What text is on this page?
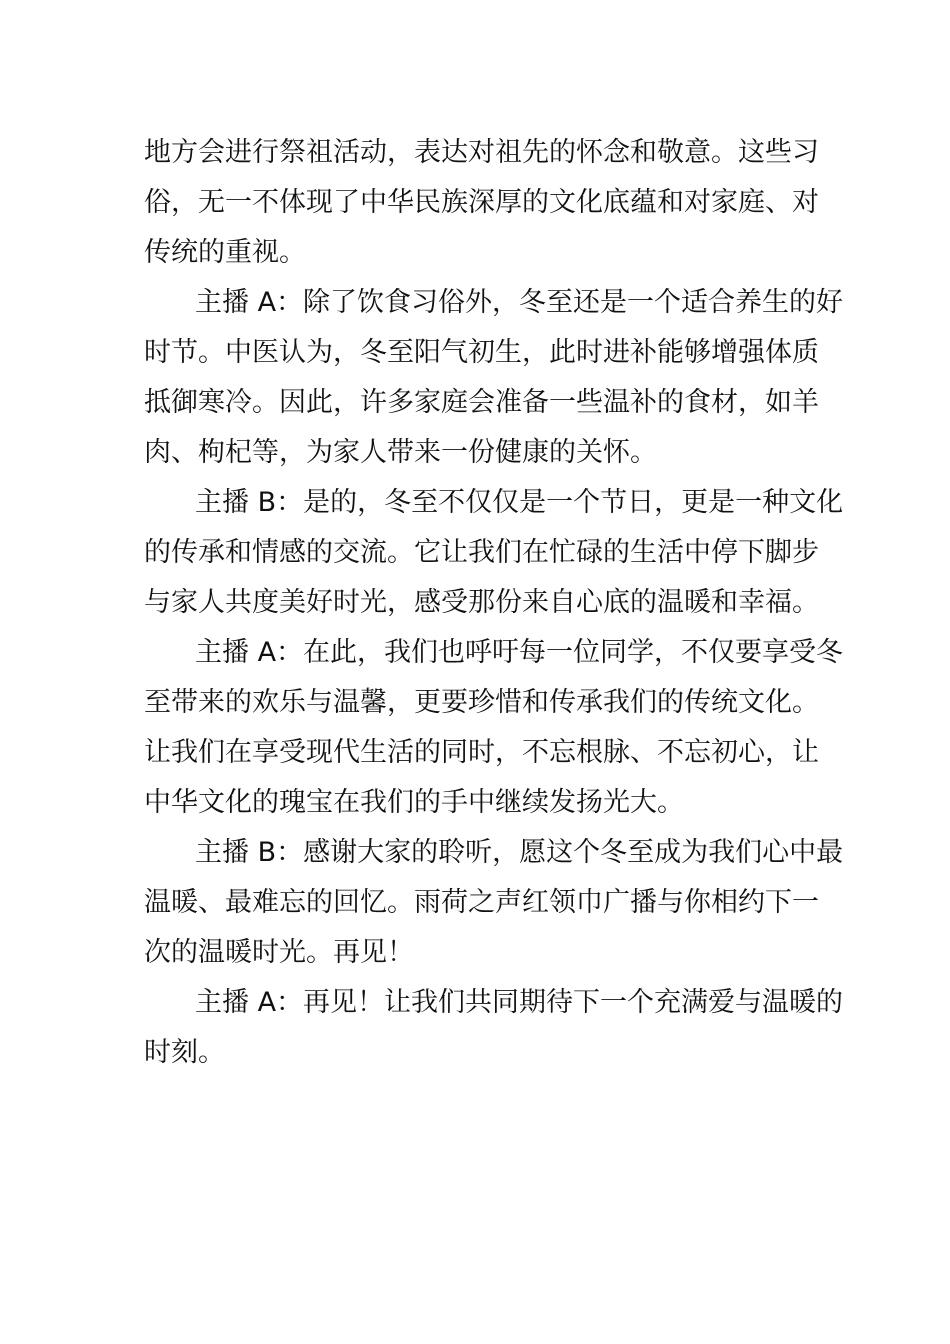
地方会进行祭祖活动，表达对祖先的怀念和敬意。这些习
俗，无一不体现了中华民族深厚的文化底蕴和对家庭、对
传统的重视。
主播 A：除了饮食习俗外，冬至还是一个适合养生的好
时节。中医认为，冬至阳气初生，此时进补能够增强体质
抵御寒冷。因此，许多家庭会准备一些温补的食材，如羊
肉、枸杞等，为家人带来一份健康的关怀。
主播 B：是的，冬至不仅仅是一个节日，更是一种文化
的传承和情感的交流。它让我们在忙碌的生活中停下脚步
与家人共度美好时光，感受那份来自心底的温暖和幸福。
主播 A：在此，我们也呼吁每一位同学，不仅要享受冬
至带来的欢乐与温馨，更要珍惜和传承我们的传统文化。
让我们在享受现代生活的同时，不忘根脉、不忘初心，让
中华文化的瑰宝在我们的手中继续发扬光大。
主播 B：感谢大家的聆听，愿这个冬至成为我们心中最
温暖、最难忘的回忆。雨荷之声红领巾广播与你相约下一
次的温暖时光。再见！
主播 A：再见！让我们共同期待下一个充满爱与温暖的
时刻。
